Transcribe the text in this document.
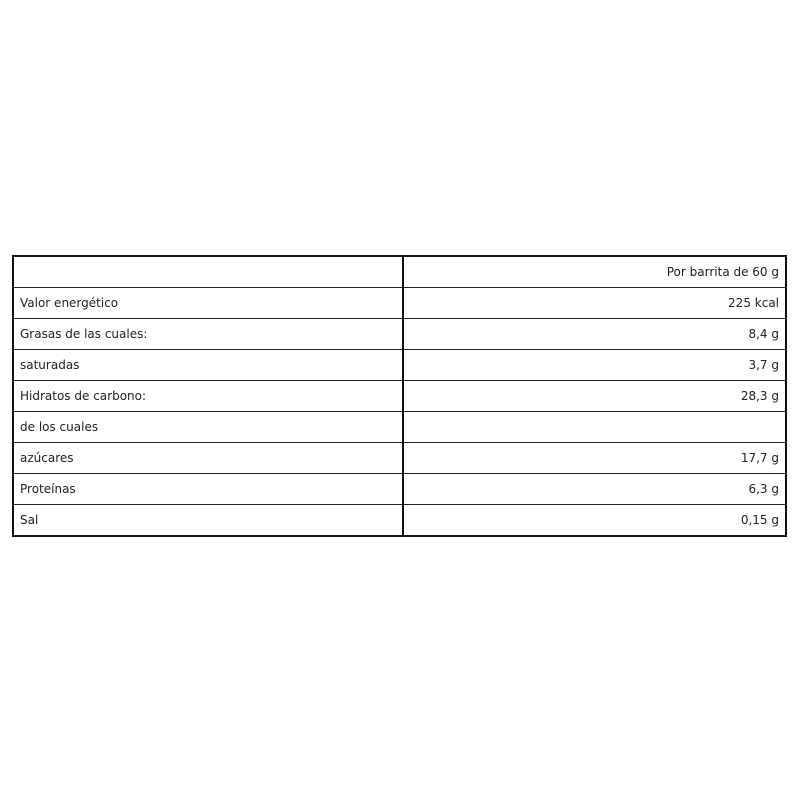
	Por barrita de 60 g
Valor energético	225 kcal
Grasas de las cuales:	8,4 g
saturadas	3,7 g
Hidratos de carbono:	28,3 g
de los cuales	
azúcares	17,7 g
Proteínas	6,3 g
Sal	0,15 g
